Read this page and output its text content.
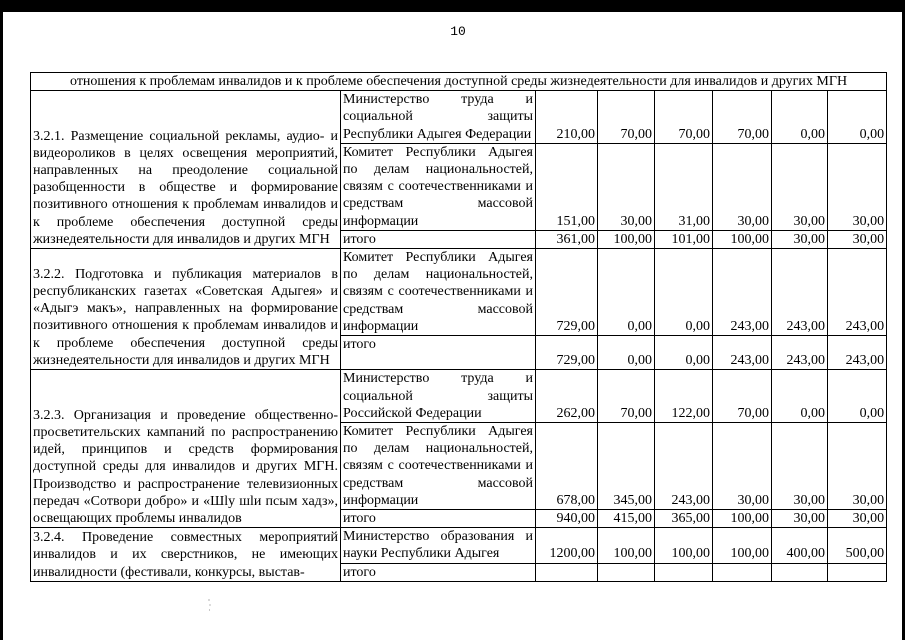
10
отношения к проблемам инвалидов и к проблеме обеспечения доступной среды жизнедеятельности для инвалидов и других МГН							
3.2.1. Размещение социальной рекламы, аудио- и видеороликов в целях освещения мероприятий, направленных на преодоление социальной разобщенности в обществе и формирование позитивного отношения к проблемам инвалидов и к проблеме обеспечения доступной среды жизнедеятельности для инвалидов и других МГН	Министерство труда и социальной защиты Республики Адыгея Федерации	210,00	70,00	70,00	70,00	0,00	0,00
	Комитет Республики Адыгея по делам национальностей, связям с соотечественниками и средствам массовой информации	151,00	30,00	31,00	30,00	30,00	30,00
	итого	361,00	100,00	101,00	100,00	30,00	30,00
3.2.2. Подготовка и публикация материалов в республиканских газетах «Советская Адыгея» и «Адыгэ макъ», направленных на формирование позитивного отношения к проблемам инвалидов и к проблеме обеспечения доступной среды жизнедеятельности для инвалидов и других МГН	Комитет Республики Адыгея по делам национальностей, связям с соотечественниками и средствам массовой информации	729,00	0,00	0,00	243,00	243,00	243,00
	итого	729,00	0,00	0,00	243,00	243,00	243,00
3.2.3. Организация и проведение общественно-просветительских кампаний по распространению идей, принципов и средств формирования доступной среды для инвалидов и других МГН. Производство и распространение телевизионных передач «Сотвори добро» и «Шlу шlи псым хадз», освещающих проблемы инвалидов	Министерство труда и социальной защиты Российской Федерации	262,00	70,00	122,00	70,00	0,00	0,00
	Комитет Республики Адыгея по делам национальностей, связям с соотечественниками и средствам массовой информации	678,00	345,00	243,00	30,00	30,00	30,00
	итого	940,00	415,00	365,00	100,00	30,00	30,00
3.2.4. Проведение совместных мероприятий инвалидов и их сверстников, не имеющих инвалидности (фестивали, конкурсы, выстав-	Министерство образования и науки Республики Адыгея	1200,00	100,00	100,00	100,00	400,00	500,00
	итого						
